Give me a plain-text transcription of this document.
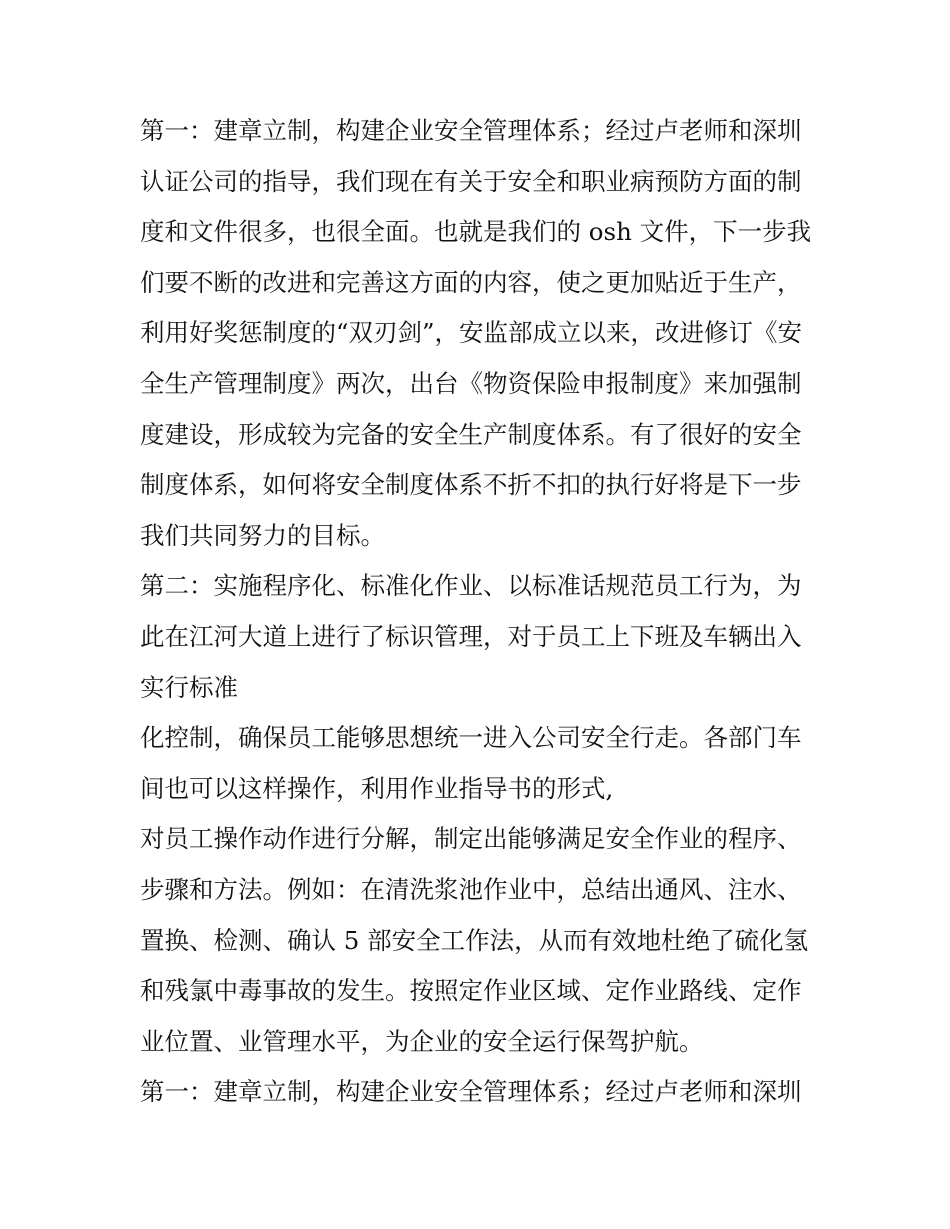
第一：建章立制，构建企业安全管理体系；经过卢老师和深圳
认证公司的指导，我们现在有关于安全和职业病预防方面的制
度和文件很多，也很全面。也就是我们的 osh 文件，下一步我
们要不断的改进和完善这方面的内容，使之更加贴近于生产，
利用好奖惩制度的“双刃剑”，安监部成立以来，改进修订《安
全生产管理制度》两次，出台《物资保险申报制度》来加强制
度建设，形成较为完备的安全生产制度体系。有了很好的安全
制度体系，如何将安全制度体系不折不扣的执行好将是下一步
我们共同努力的目标。
第二：实施程序化、标准化作业、以标准话规范员工行为，为
此在江河大道上进行了标识管理，对于员工上下班及车辆出入
实行标准
化控制，确保员工能够思想统一进入公司安全行走。各部门车
间也可以这样操作，利用作业指导书的形式,
对员工操作动作进行分解，制定出能够满足安全作业的程序、
步骤和方法。例如：在清洗浆池作业中，总结出通风、注水、
置换、检测、确认 5 部安全工作法，从而有效地杜绝了硫化氢
和残氯中毒事故的发生。按照定作业区域、定作业路线、定作
业位置、业管理水平，为企业的安全运行保驾护航。
第一：建章立制，构建企业安全管理体系；经过卢老师和深圳
